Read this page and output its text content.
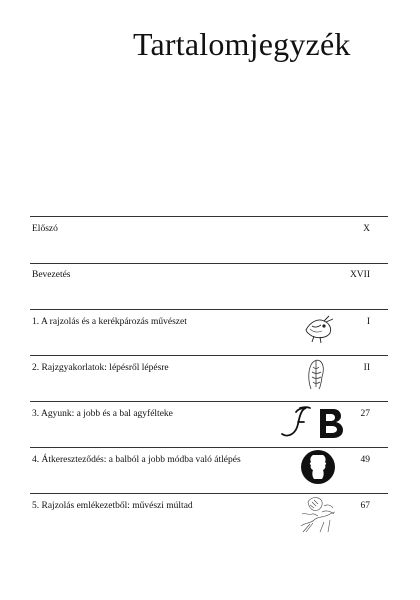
Tartalomjegyzék
Előszó	X
Bevezetés	XVII
1. A rajzolás és a kerékpározás művészet	I
2. Rajzgyakorlatok: lépésről lépésre	II
3. Agyunk: a jobb és a bal agyfélteke	27
4. Átkereszteződés: a balból a jobb módba való átlépés	49
5. Rajzolás emlékezetből: művészi múltad	67
